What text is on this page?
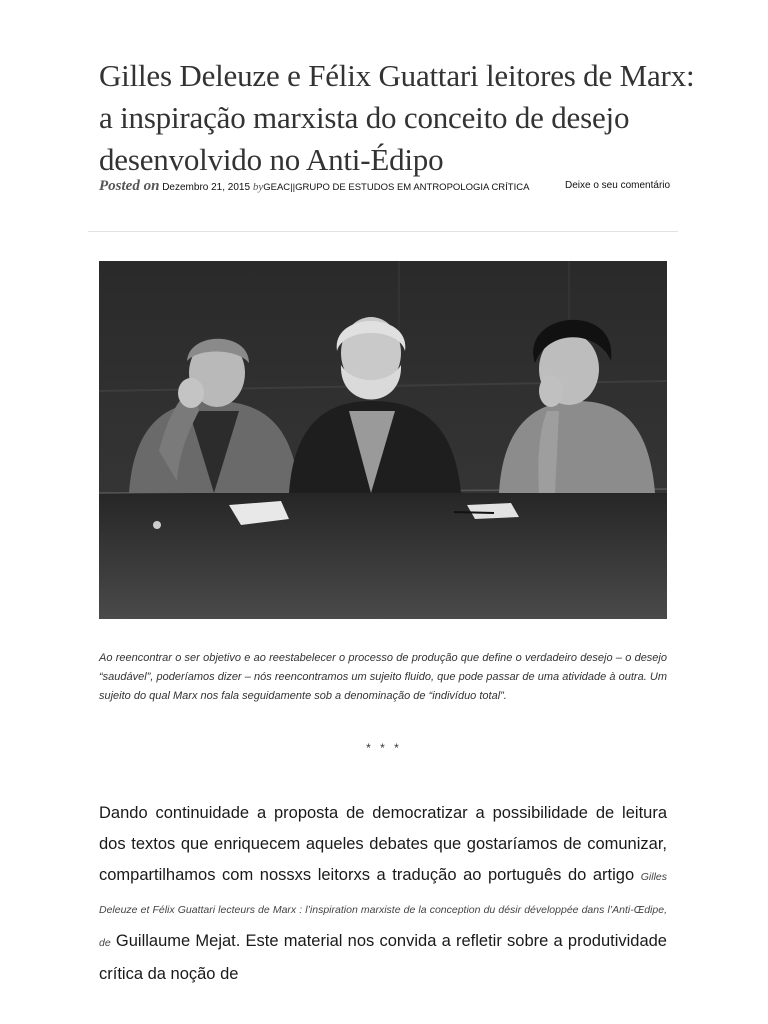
Gilles Deleuze e Félix Guattari leitores de Marx: a inspiração marxista do conceito de desejo desenvolvido no Anti-Édipo
Posted on Dezembro 21, 2015 byGEAC||GRUPO DE ESTUDOS EM ANTROPOLOGIA CRÍTICA	Deixe o seu comentário

Ao reencontrar o ser objetivo e ao reestabelecer o processo de produção que define o verdadeiro desejo – o desejo “saudável”, poderíamos dizer – nós reencontramos um sujeito fluido, que pode passar de uma atividade à outra. Um sujeito do qual Marx nos fala seguidamente sob a denominação de “indivíduo total”.

* * *

Dando continuidade a proposta de democratizar a possibilidade de leitura dos textos que enriquecem aqueles debates que gostaríamos de comunizar, compartilhamos com nossxs leitorxs a tradução ao português do artigo Gilles Deleuze et Félix Guattari lecteurs de Marx : l’inspiration marxiste de la conception du désir développée dans l’Anti-Œdipe, de Guillaume Mejat. Este material nos convida a refletir sobre a produtividade crítica da noção de
